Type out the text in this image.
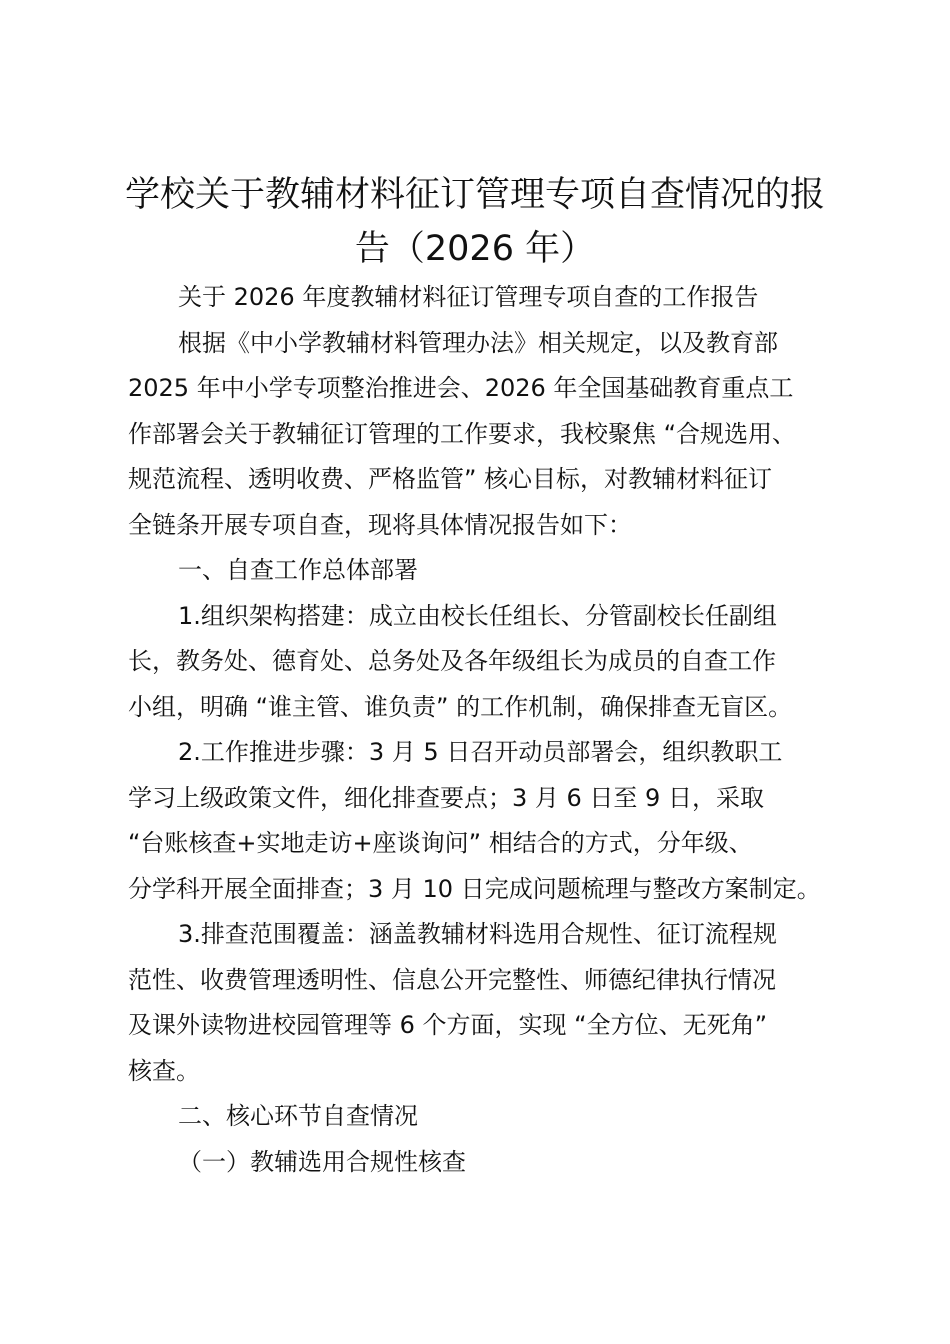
学校关于教辅材料征订管理专项自查情况的报
告（2026 年）
关于 2026 年度教辅材料征订管理专项自查的工作报告
根据《中小学教辅材料管理办法》相关规定，以及教育部
2025 年中小学专项整治推进会、2026 年全国基础教育重点工
作部署会关于教辅征订管理的工作要求，我校聚焦 “合规选用、
规范流程、透明收费、严格监管” 核心目标，对教辅材料征订
全链条开展专项自查，现将具体情况报告如下：
一、自查工作总体部署
1.组织架构搭建：成立由校长任组长、分管副校长任副组
长，教务处、德育处、总务处及各年级组长为成员的自查工作
小组，明确 “谁主管、谁负责” 的工作机制，确保排查无盲区。
2.工作推进步骤：3 月 5 日召开动员部署会，组织教职工
学习上级政策文件，细化排查要点；3 月 6 日至 9 日，采取
“台账核查+实地走访+座谈询问” 相结合的方式，分年级、
分学科开展全面排查；3 月 10 日完成问题梳理与整改方案制定。
3.排查范围覆盖：涵盖教辅材料选用合规性、征订流程规
范性、收费管理透明性、信息公开完整性、师德纪律执行情况
及课外读物进校园管理等 6 个方面，实现 “全方位、无死角”
核查。
二、核心环节自查情况
（一）教辅选用合规性核查
